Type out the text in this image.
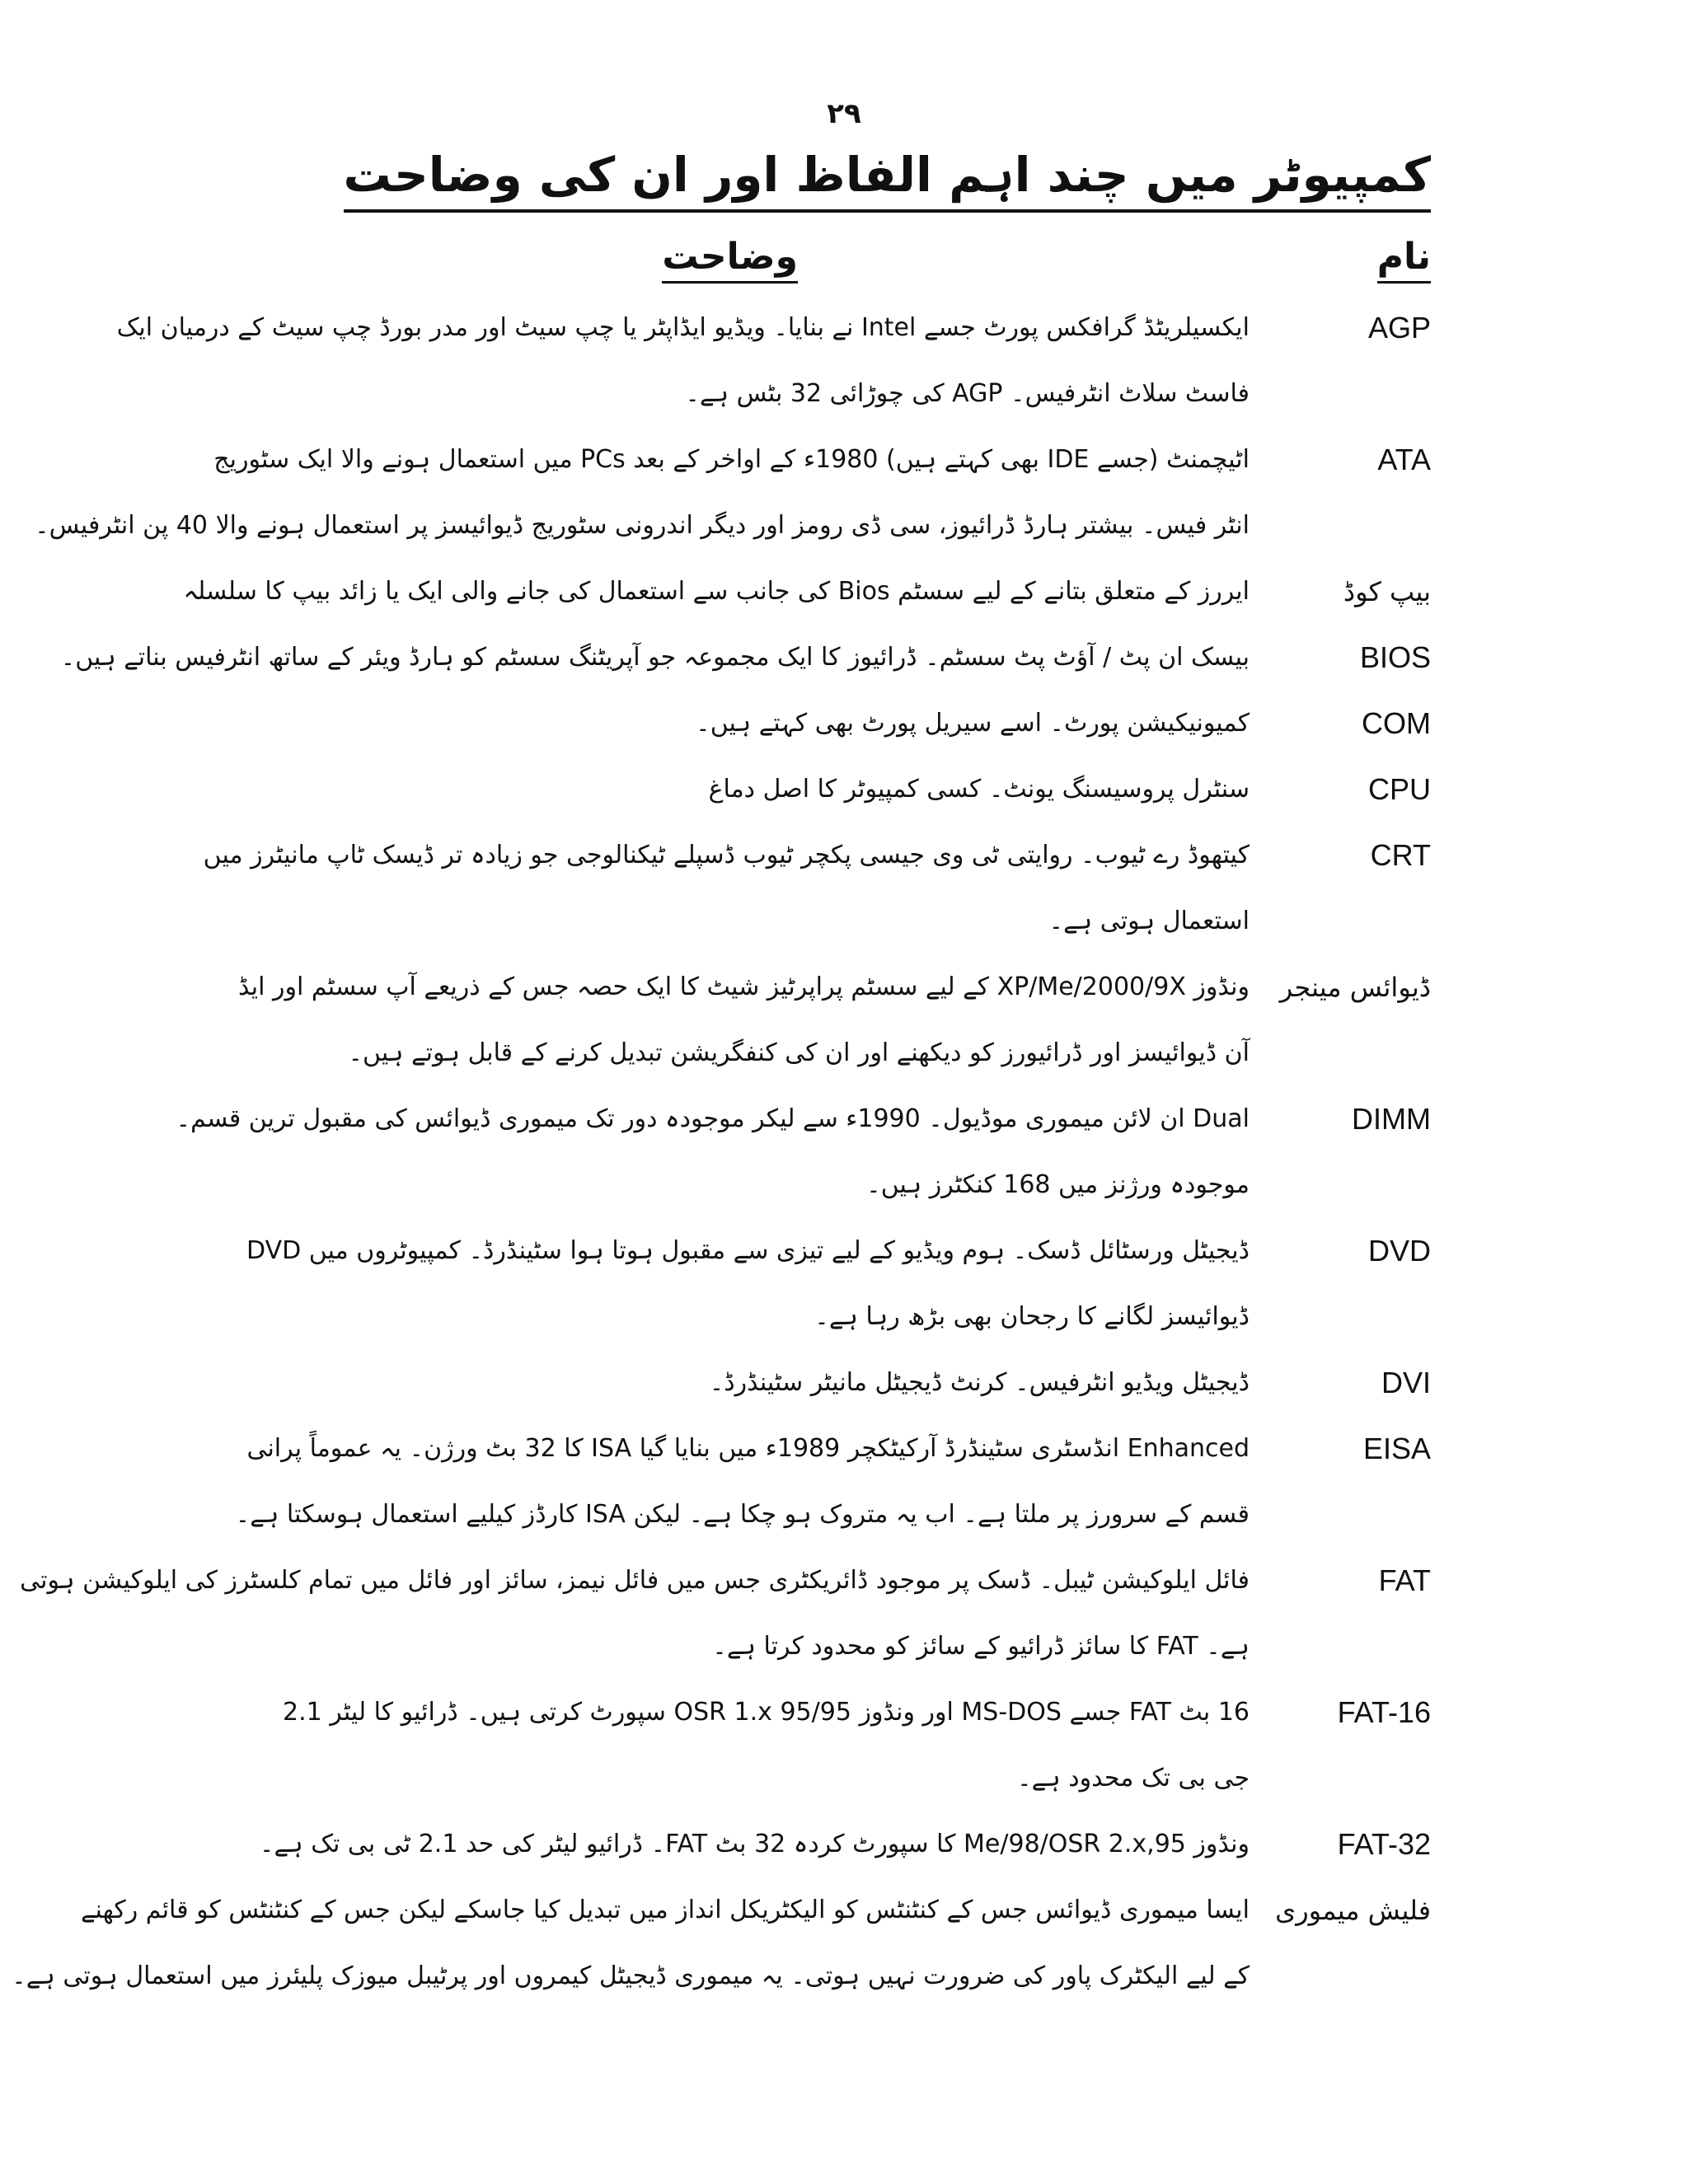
۲۹
کمپیوٹر میں چند اہم الفاظ اور ان کی وضاحت
نام
وضاحت
AGP
ایکسیلریٹڈ گرافکس پورٹ جسے Intel نے بنایا۔ ویڈیو ایڈاپٹر یا چپ سیٹ اور مدر بورڈ چپ سیٹ کے درمیان ایک
فاسٹ سلاٹ انٹرفیس۔ AGP کی چوڑائی 32 بٹس ہے۔
ATA
اٹیچمنٹ (جسے IDE بھی کہتے ہیں) 1980ء کے اواخر کے بعد PCs میں استعمال ہونے والا ایک سٹوریج
انٹر فیس۔ بیشتر ہارڈ ڈرائیوز، سی ڈی رومز اور دیگر اندرونی سٹوریج ڈیوائیسز پر استعمال ہونے والا 40 پن انٹرفیس۔
بیپ کوڈ
ایررز کے متعلق بتانے کے لیے سسٹم Bios کی جانب سے استعمال کی جانے والی ایک یا زائد بیپ کا سلسلہ
BIOS
بیسک ان پٹ / آؤٹ پٹ سسٹم۔ ڈرائیوز کا ایک مجموعہ جو آپریٹنگ سسٹم کو ہارڈ ویئر کے ساتھ انٹرفیس بناتے ہیں۔
COM
کمیونیکیشن پورٹ۔ اسے سیریل پورٹ بھی کہتے ہیں۔
CPU
سنٹرل پروسیسنگ یونٹ۔ کسی کمپیوٹر کا اصل دماغ
CRT
کیتھوڈ رے ٹیوب۔ روایتی ٹی وی جیسی پکچر ٹیوب ڈسپلے ٹیکنالوجی جو زیادہ تر ڈیسک ٹاپ مانیٹرز میں
استعمال ہوتی ہے۔
ڈیوائس مینجر
ونڈوز XP/Me/2000/9X کے لیے سسٹم پراپرٹیز شیٹ کا ایک حصہ جس کے ذریعے آپ سسٹم اور ایڈ
آن ڈیوائیسز اور ڈرائیورز کو دیکھنے اور ان کی کنفگریشن تبدیل کرنے کے قابل ہوتے ہیں۔
DIMM
Dual ان لائن میموری موڈیول۔ 1990ء سے لیکر موجودہ دور تک میموری ڈیوائس کی مقبول ترین قسم۔
موجودہ ورژنز میں 168 کنکٹرز ہیں۔
DVD
ڈیجیٹل ورسٹائل ڈسک۔ ہوم ویڈیو کے لیے تیزی سے مقبول ہوتا ہوا سٹینڈرڈ۔ کمپیوٹروں میں DVD
ڈیوائیسز لگانے کا رجحان بھی بڑھ رہا ہے۔
DVI
ڈیجیٹل ویڈیو انٹرفیس۔ کرنٹ ڈیجیٹل مانیٹر سٹینڈرڈ۔
EISA
Enhanced انڈسٹری سٹینڈرڈ آرکیٹکچر 1989ء میں بنایا گیا ISA کا 32 بٹ ورژن۔ یہ عموماً پرانی
قسم کے سرورز پر ملتا ہے۔ اب یہ متروک ہو چکا ہے۔ لیکن ISA کارڈز کیلیے استعمال ہوسکتا ہے۔
FAT
فائل ایلوکیشن ٹیبل۔ ڈسک پر موجود ڈائریکٹری جس میں فائل نیمز، سائز اور فائل میں تمام کلسٹرز کی ایلوکیشن ہوتی
ہے۔ FAT کا سائز ڈرائیو کے سائز کو محدود کرتا ہے۔
FAT-16
16 بٹ FAT جسے MS-DOS اور ونڈوز 95/95 OSR 1.x سپورٹ کرتی ہیں۔ ڈرائیو کا لیٹر 2.1
جی بی تک محدود ہے۔
FAT-32
ونڈوز Me/98/OSR 2.x,95 کا سپورٹ کردہ 32 بٹ FAT۔ ڈرائیو لیٹر کی حد 2.1 ٹی بی تک ہے۔
فلیش میموری
ایسا میموری ڈیوائس جس کے کنٹنٹس کو الیکٹریکل انداز میں تبدیل کیا جاسکے لیکن جس کے کنٹنٹس کو قائم رکھنے
کے لیے الیکٹرک پاور کی ضرورت نہیں ہوتی۔ یہ میموری ڈیجیٹل کیمروں اور پرٹیبل میوزک پلیئرز میں استعمال ہوتی ہے۔
